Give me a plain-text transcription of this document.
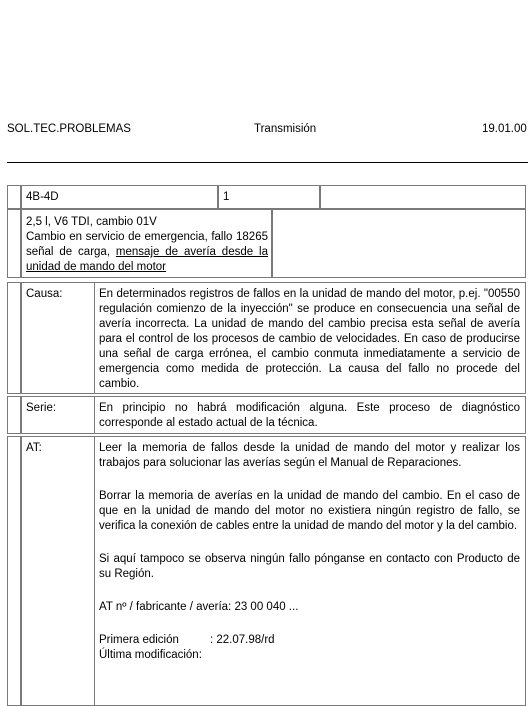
SOL.TEC.PROBLEMAS	Transmisión	19.01.00
4B-4D	1
2,5 l, V6 TDI, cambio 01V
Cambio en servicio de emergencia, fallo 18265 señal de carga, mensaje de avería desde la unidad de mando del motor
Causa:	En determinados registros de fallos en la unidad de mando del motor, p.ej. "00550 regulación comienzo de la inyección" se produce en consecuencia una señal de avería incorrecta. La unidad de mando del cambio precisa esta señal de avería para el control de los procesos de cambio de velocidades. En caso de producirse una señal de carga errónea, el cambio conmuta inmediatamente a servicio de emergencia como medida de protección. La causa del fallo no procede del cambio.
Serie:	En principio no habrá modificación alguna. Este proceso de diagnóstico corresponde al estado actual de la técnica.
AT:	Leer la memoria de fallos desde la unidad de mando del motor y realizar los trabajos para solucionar las averías según el Manual de Reparaciones.

Borrar la memoria de averías en la unidad de mando del cambio. En el caso de que en la unidad de mando del motor no existiera ningún registro de fallo, se verifica la conexión de cables entre la unidad de mando del motor y la del cambio.

Si aquí tampoco se observa ningún fallo pónganse en contacto con Producto de su Región.

AT nº / fabricante / avería: 23 00 040 ...

Primera edición	: 22.07.98/rd
Última modificación:
